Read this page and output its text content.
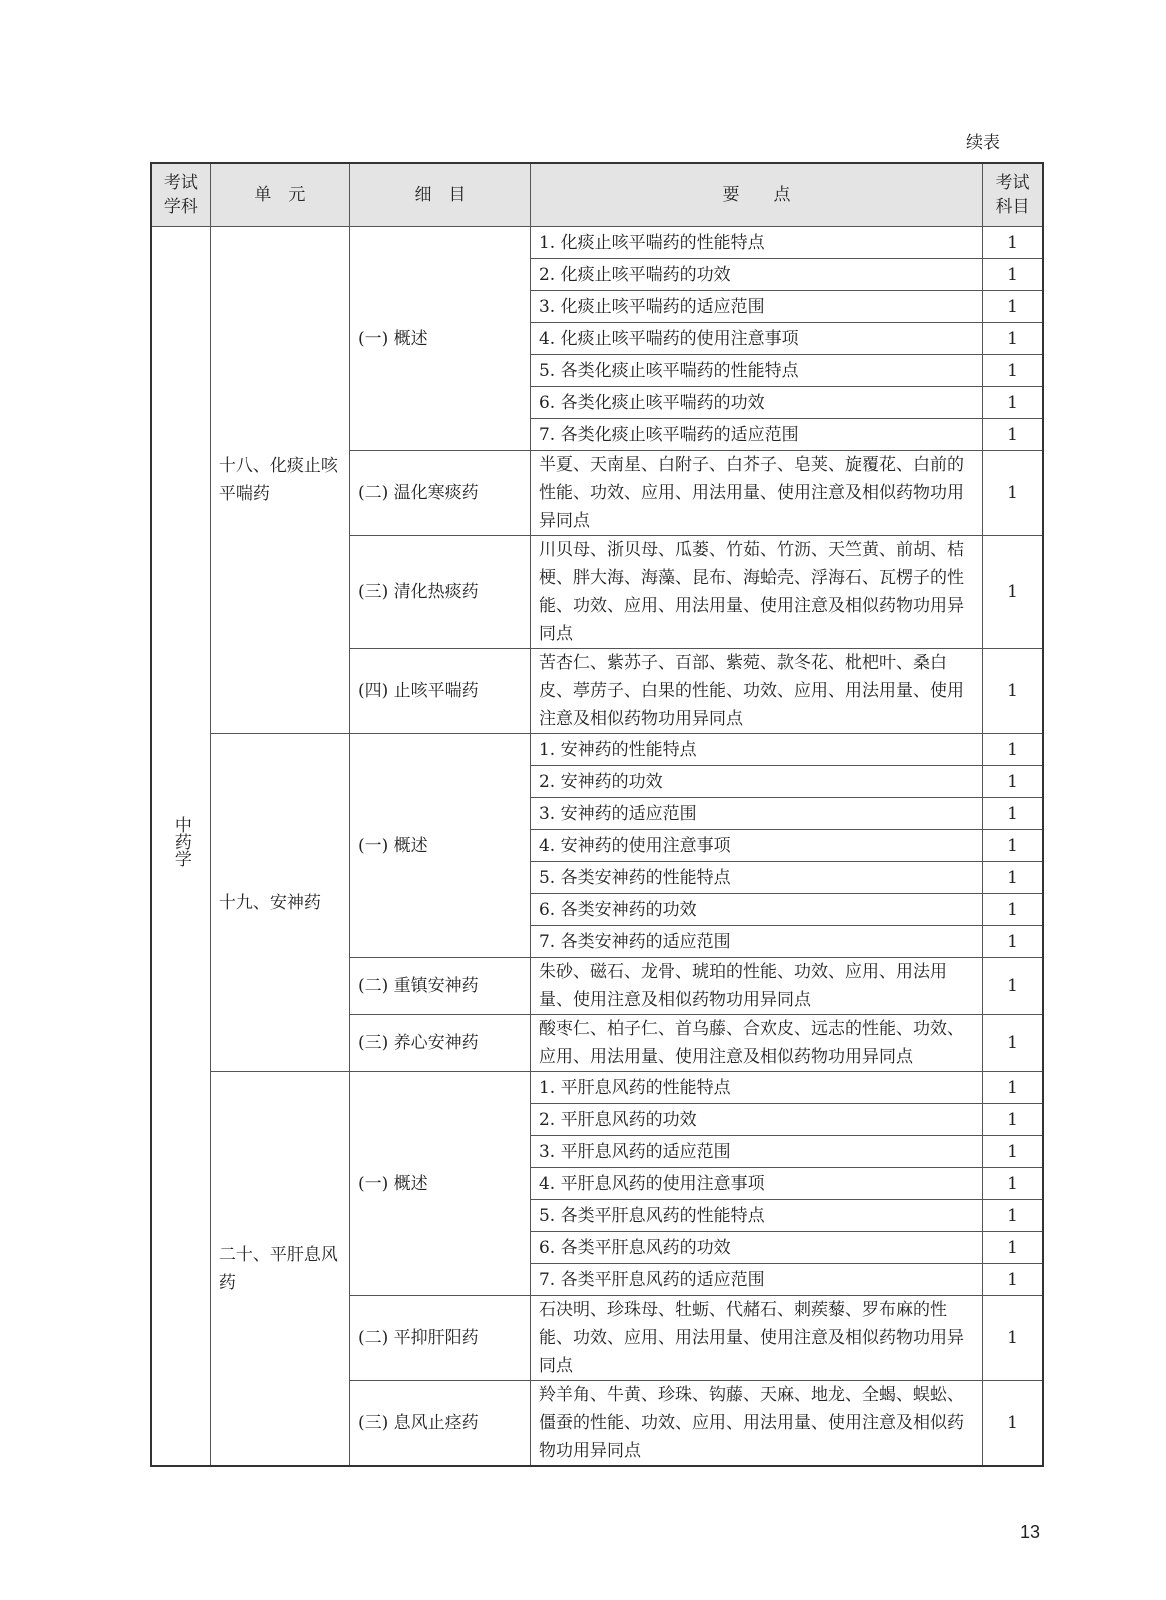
续表
考试学科	单　元	细　目	要　　点	考试科目
中药学	十八、化痰止咳平喘药	(一) 概述	1. 化痰止咳平喘药的性能特点	1
			2. 化痰止咳平喘药的功效	1
			3. 化痰止咳平喘药的适应范围	1
			4. 化痰止咳平喘药的使用注意事项	1
			5. 各类化痰止咳平喘药的性能特点	1
			6. 各类化痰止咳平喘药的功效	1
			7. 各类化痰止咳平喘药的适应范围	1
		(二) 温化寒痰药	半夏、天南星、白附子、白芥子、皂荚、旋覆花、白前的性能、功效、应用、用法用量、使用注意及相似药物功用异同点	1
		(三) 清化热痰药	川贝母、浙贝母、瓜蒌、竹茹、竹沥、天竺黄、前胡、桔梗、胖大海、海藻、昆布、海蛤壳、浮海石、瓦楞子的性能、功效、应用、用法用量、使用注意及相似药物功用异同点	1
		(四) 止咳平喘药	苦杏仁、紫苏子、百部、紫菀、款冬花、枇杷叶、桑白皮、葶苈子、白果的性能、功效、应用、用法用量、使用注意及相似药物功用异同点	1
	十九、安神药	(一) 概述	1. 安神药的性能特点	1
			2. 安神药的功效	1
			3. 安神药的适应范围	1
			4. 安神药的使用注意事项	1
			5. 各类安神药的性能特点	1
			6. 各类安神药的功效	1
			7. 各类安神药的适应范围	1
		(二) 重镇安神药	朱砂、磁石、龙骨、琥珀的性能、功效、应用、用法用量、使用注意及相似药物功用异同点	1
		(三) 养心安神药	酸枣仁、柏子仁、首乌藤、合欢皮、远志的性能、功效、应用、用法用量、使用注意及相似药物功用异同点	1
	二十、平肝息风药	(一) 概述	1. 平肝息风药的性能特点	1
			2. 平肝息风药的功效	1
			3. 平肝息风药的适应范围	1
			4. 平肝息风药的使用注意事项	1
			5. 各类平肝息风药的性能特点	1
			6. 各类平肝息风药的功效	1
			7. 各类平肝息风药的适应范围	1
		(二) 平抑肝阳药	石决明、珍珠母、牡蛎、代赭石、刺蒺藜、罗布麻的性能、功效、应用、用法用量、使用注意及相似药物功用异同点	1
		(三) 息风止痉药	羚羊角、牛黄、珍珠、钩藤、天麻、地龙、全蝎、蜈蚣、僵蚕的性能、功效、应用、用法用量、使用注意及相似药物功用异同点	1
13
